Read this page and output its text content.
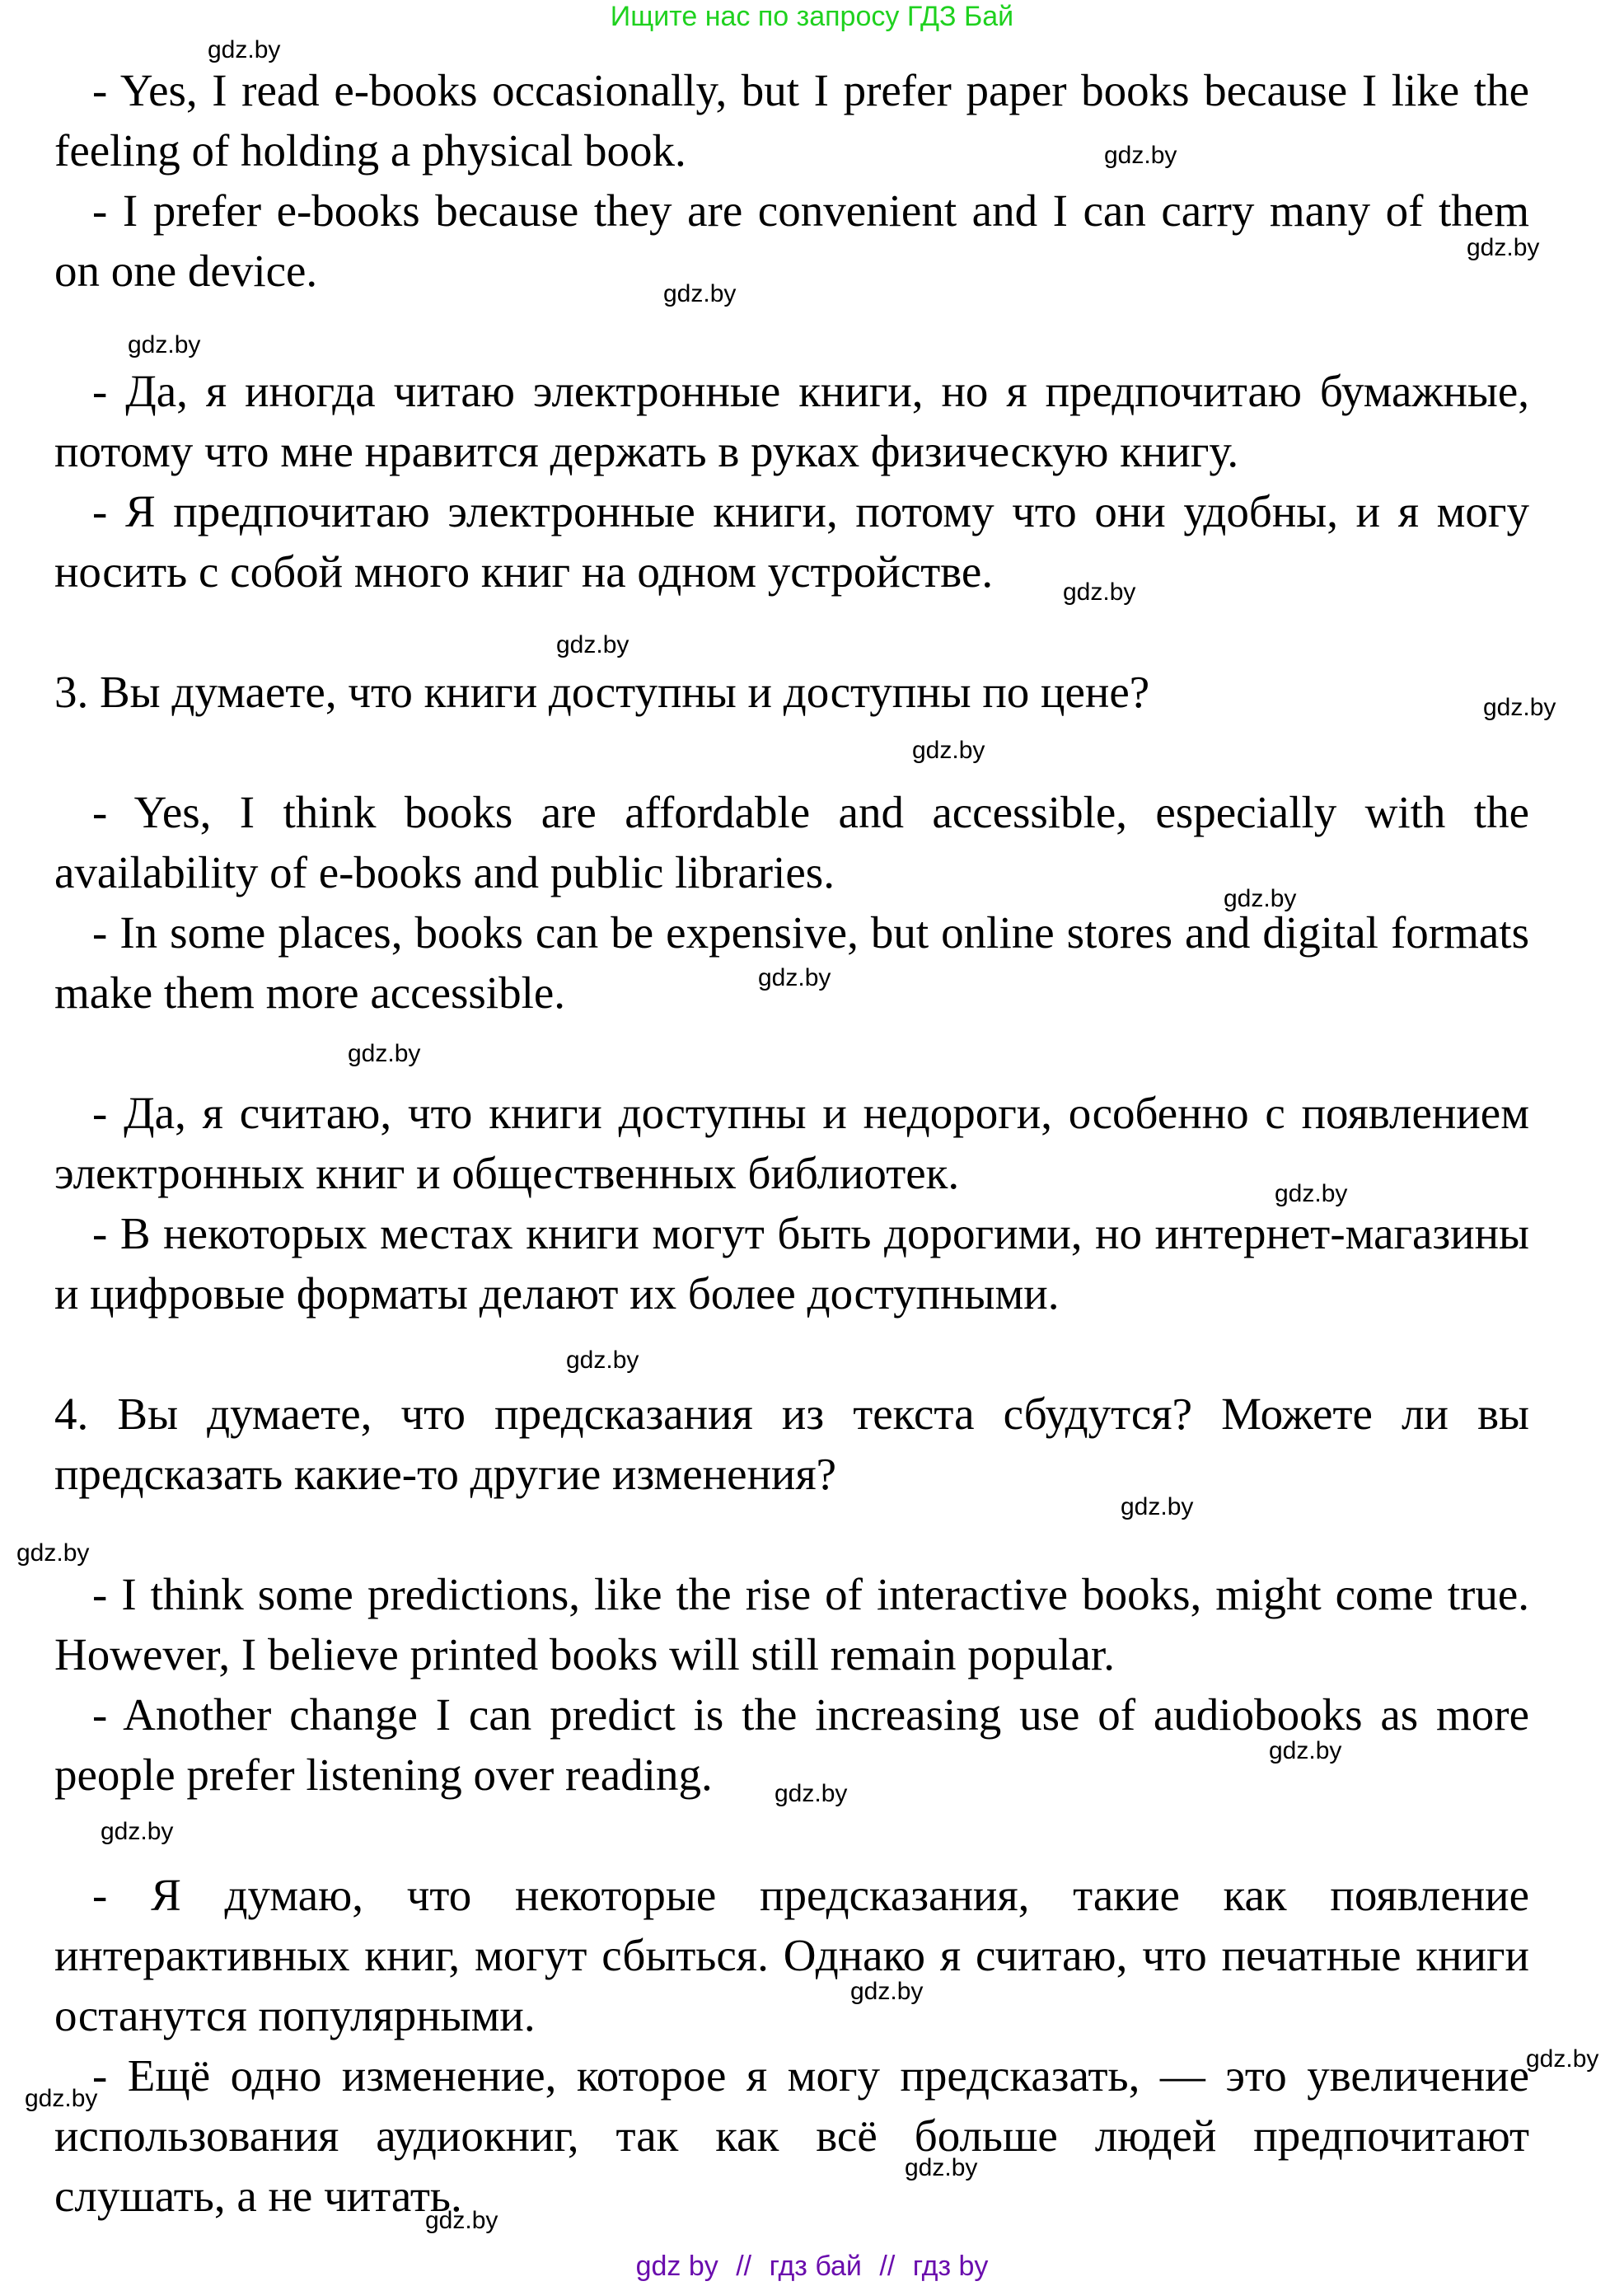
Ищите нас по запросу ГДЗ Бай

- Yes, I read e-books occasionally, but I prefer paper books because I like the feeling of holding a physical book.

- I prefer e-books because they are convenient and I can carry many of them on one device.

- Да, я иногда читаю электронные книги, но я предпочитаю бумажные, потому что мне нравится держать в руках физическую книгу.

- Я предпочитаю электронные книги, потому что они удобны, и я могу носить с собой много книг на одном устройстве.

3. Вы думаете, что книги доступны и доступны по цене?

- Yes, I think books are affordable and accessible, especially with the availability of e-books and public libraries.

- In some places, books can be expensive, but online stores and digital formats make them more accessible.

- Да, я считаю, что книги доступны и недороги, особенно с появлением электронных книг и общественных библиотек.

- В некоторых местах книги могут быть дорогими, но интернет-магазины и цифровые форматы делают их более доступными.

4. Вы думаете, что предсказания из текста сбудутся? Можете ли вы предсказать какие-то другие изменения?

- I think some predictions, like the rise of interactive books, might come true. However, I believe printed books will still remain popular.

- Another change I can predict is the increasing use of audiobooks as more people prefer listening over reading.

- Я думаю, что некоторые предсказания, такие как появление интерактивных книг, могут сбыться. Однако я считаю, что печатные книги останутся популярными.

- Ещё одно изменение, которое я могу предсказать, — это увеличение использования аудиокниг, так как всё больше людей предпочитают слушать, а не читать.

gdz.by
gdz.by
gdz.by
gdz.by
gdz.by
gdz.by
gdz.by
gdz.by
gdz.by
gdz.by
gdz.by
gdz.by
gdz.by
gdz.by
gdz.by
gdz.by
gdz.by
gdz.by
gdz.by
gdz.by
gdz.by
gdz.by
gdz.by
gdz.by
gdz by // гдз бай // гдз by
